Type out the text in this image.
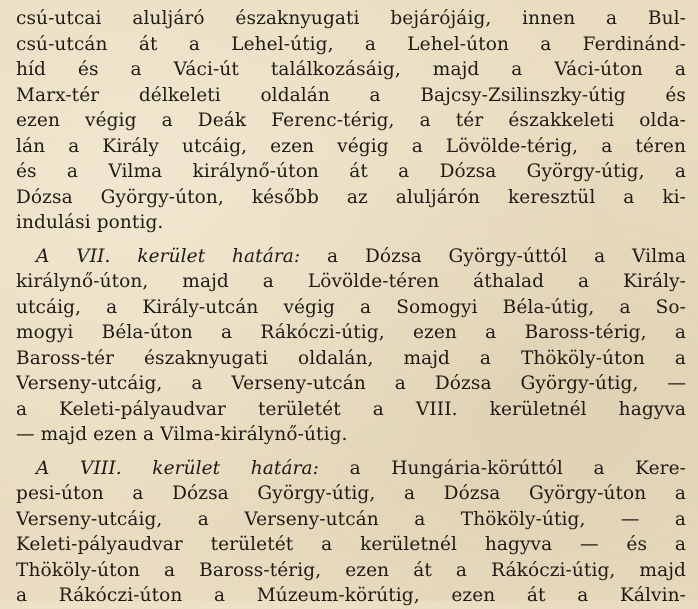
csú-utcai aluljáró északnyugati bejárójáig, innen a Bul-
csú-utcán át a Lehel-útig, a Lehel-úton a Ferdinánd-
híd és a Váci-út találkozásáig, majd a Váci-úton a
Marx-tér délkeleti oldalán a Bajcsy-Zsilinszky-útig és
ezen végig a Deák Ferenc-térig, a tér északkeleti olda-
lán a Király utcáig, ezen végig a Lövölde-térig, a téren
és a Vilma királynő-úton át a Dózsa György-útig, a
Dózsa György-úton, később az aluljárón keresztül a ki-
indulási pontig.
A VII. kerület határa: a Dózsa György-úttól a Vilma
királynő-úton, majd a Lövölde-téren áthalad a Király-
utcáig, a Király-utcán végig a Somogyi Béla-útig, a So-
mogyi Béla-úton a Rákóczi-útig, ezen a Baross-térig, a
Baross-tér északnyugati oldalán, majd a Thököly-úton a
Verseny-utcáig, a Verseny-utcán a Dózsa György-útig, —
a Keleti-pályaudvar területét a VIII. kerületnél hagyva
— majd ezen a Vilma-királynő-útig.
A VIII. kerület határa: a Hungária-körúttól a Kere-
pesi-úton a Dózsa György-útig, a Dózsa György-úton a
Verseny-utcáig, a Verseny-utcán a Thököly-útig, — a
Keleti-pályaudvar területét a kerületnél hagyva — és a
Thököly-úton a Baross-térig, ezen át a Rákóczi-útig, majd
a Rákóczi-úton a Múzeum-körútig, ezen át a Kálvin-
